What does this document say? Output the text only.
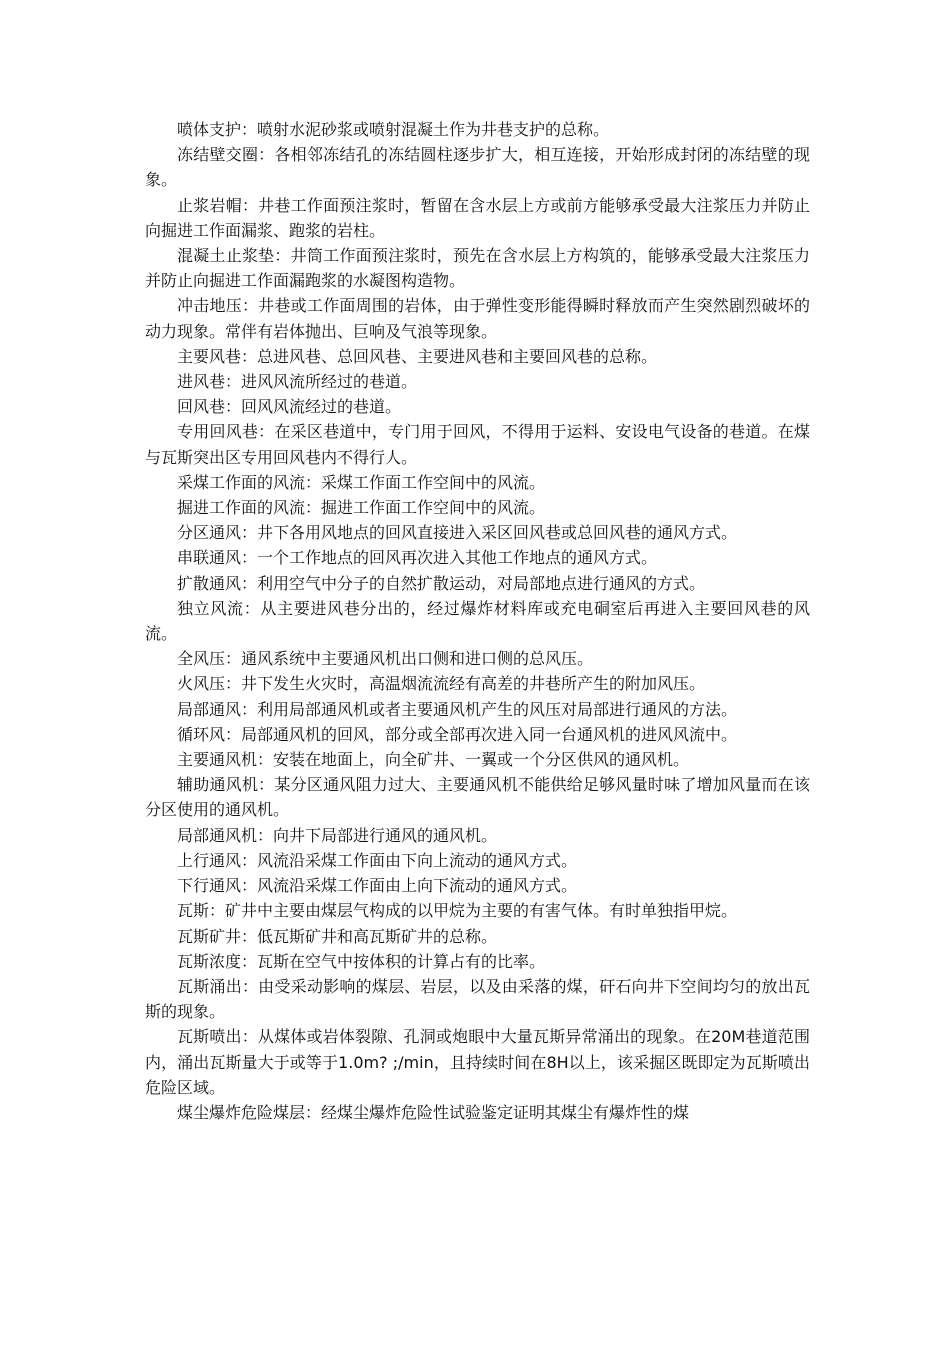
喷体支护：喷射水泥砂浆或喷射混凝土作为井巷支护的总称。

冻结壁交圈：各相邻冻结孔的冻结圆柱逐步扩大，相互连接，开始形成封闭的冻结壁的现象。

止浆岩帽：井巷工作面预注浆时，暂留在含水层上方或前方能够承受最大注浆压力并防止向掘进工作面漏浆、跑浆的岩柱。

混凝土止浆垫：井筒工作面预注浆时，预先在含水层上方构筑的，能够承受最大注浆压力并防止向掘进工作面漏跑浆的水凝图构造物。

冲击地压：井巷或工作面周围的岩体，由于弹性变形能得瞬时释放而产生突然剧烈破坏的动力现象。常伴有岩体抛出、巨响及气浪等现象。

主要风巷：总进风巷、总回风巷、主要进风巷和主要回风巷的总称。

进风巷：进风风流所经过的巷道。

回风巷：回风风流经过的巷道。

专用回风巷：在采区巷道中，专门用于回风，不得用于运料、安设电气设备的巷道。在煤与瓦斯突出区专用回风巷内不得行人。

采煤工作面的风流：采煤工作面工作空间中的风流。

掘进工作面的风流：掘进工作面工作空间中的风流。

分区通风：井下各用风地点的回风直接进入采区回风巷或总回风巷的通风方式。

串联通风：一个工作地点的回风再次进入其他工作地点的通风方式。

扩散通风：利用空气中分子的自然扩散运动，对局部地点进行通风的方式。

独立风流：从主要进风巷分出的，经过爆炸材料库或充电硐室后再进入主要回风巷的风流。

全风压：通风系统中主要通风机出口侧和进口侧的总风压。

火风压：井下发生火灾时，高温烟流流经有高差的井巷所产生的附加风压。

局部通风：利用局部通风机或者主要通风机产生的风压对局部进行通风的方法。

循环风：局部通风机的回风，部分或全部再次进入同一台通风机的进风风流中。

主要通风机：安装在地面上，向全矿井、一翼或一个分区供风的通风机。

辅助通风机：某分区通风阻力过大、主要通风机不能供给足够风量时味了增加风量而在该分区使用的通风机。

局部通风机：向井下局部进行通风的通风机。

上行通风：风流沿采煤工作面由下向上流动的通风方式。

下行通风：风流沿采煤工作面由上向下流动的通风方式。

瓦斯：矿井中主要由煤层气构成的以甲烷为主要的有害气体。有时单独指甲烷。

瓦斯矿井：低瓦斯矿井和高瓦斯矿井的总称。

瓦斯浓度：瓦斯在空气中按体积的计算占有的比率。

瓦斯涌出：由受采动影响的煤层、岩层，以及由采落的煤，矸石向井下空间均匀的放出瓦斯的现象。

瓦斯喷出：从煤体或岩体裂隙、孔洞或炮眼中大量瓦斯异常涌出的现象。在20M巷道范围内，涌出瓦斯量大于或等于1.0m? ;/min，且持续时间在8H以上，该采掘区既即定为瓦斯喷出危险区域。

煤尘爆炸危险煤层：经煤尘爆炸危险性试验鉴定证明其煤尘有爆炸性的煤
